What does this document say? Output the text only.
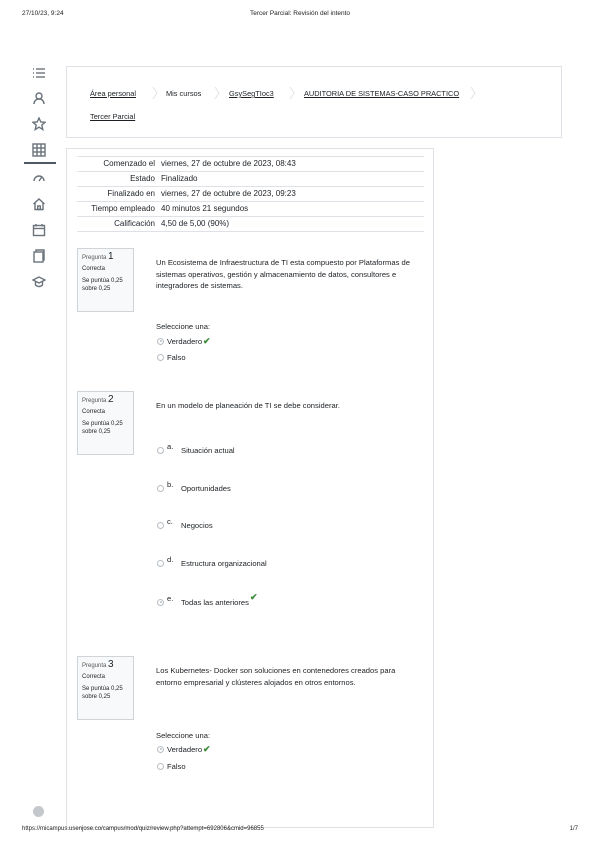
27/10/23, 9:24	Tercer Parcial: Revisión del intento
Área personal	Mis cursos	GsySegTIoc3	AUDITORIA DE SISTEMAS-CASO PRACTICO
Tercer Parcial
Comenzado el	viernes, 27 de octubre de 2023, 08:43
Estado	Finalizado
Finalizado en	viernes, 27 de octubre de 2023, 09:23
Tiempo empleado	40 minutos 21 segundos
Calificación	4,50 de 5,00 (90%)
Pregunta 1
Correcta
Se puntúa 0,25 sobre 0,25
Un Ecosistema de Infraestructura de TI esta compuesto por Plataformas de sistemas operativos, gestión y almacenamiento de datos, consultores e integradores de sistemas.
Seleccione una:
Verdadero✔
Falso
Pregunta 2
Correcta
Se puntúa 0,25 sobre 0,25
En un modelo de planeación de TI se debe considerar.
a. Situación actual
b. Oportunidades
c. Negocios
d. Estructura organizacional
e. Todas las anteriores✔
Pregunta 3
Correcta
Se puntúa 0,25 sobre 0,25
Los Kubernetes- Docker son soluciones en contenedores creados para entorno empresarial y clústeres alojados en otros entornos.
Seleccione una:
Verdadero✔
Falso
https://micampus.usenjose.co/campus/mod/quiz/review.php?attempt=692806&cmid=96855	1/7
